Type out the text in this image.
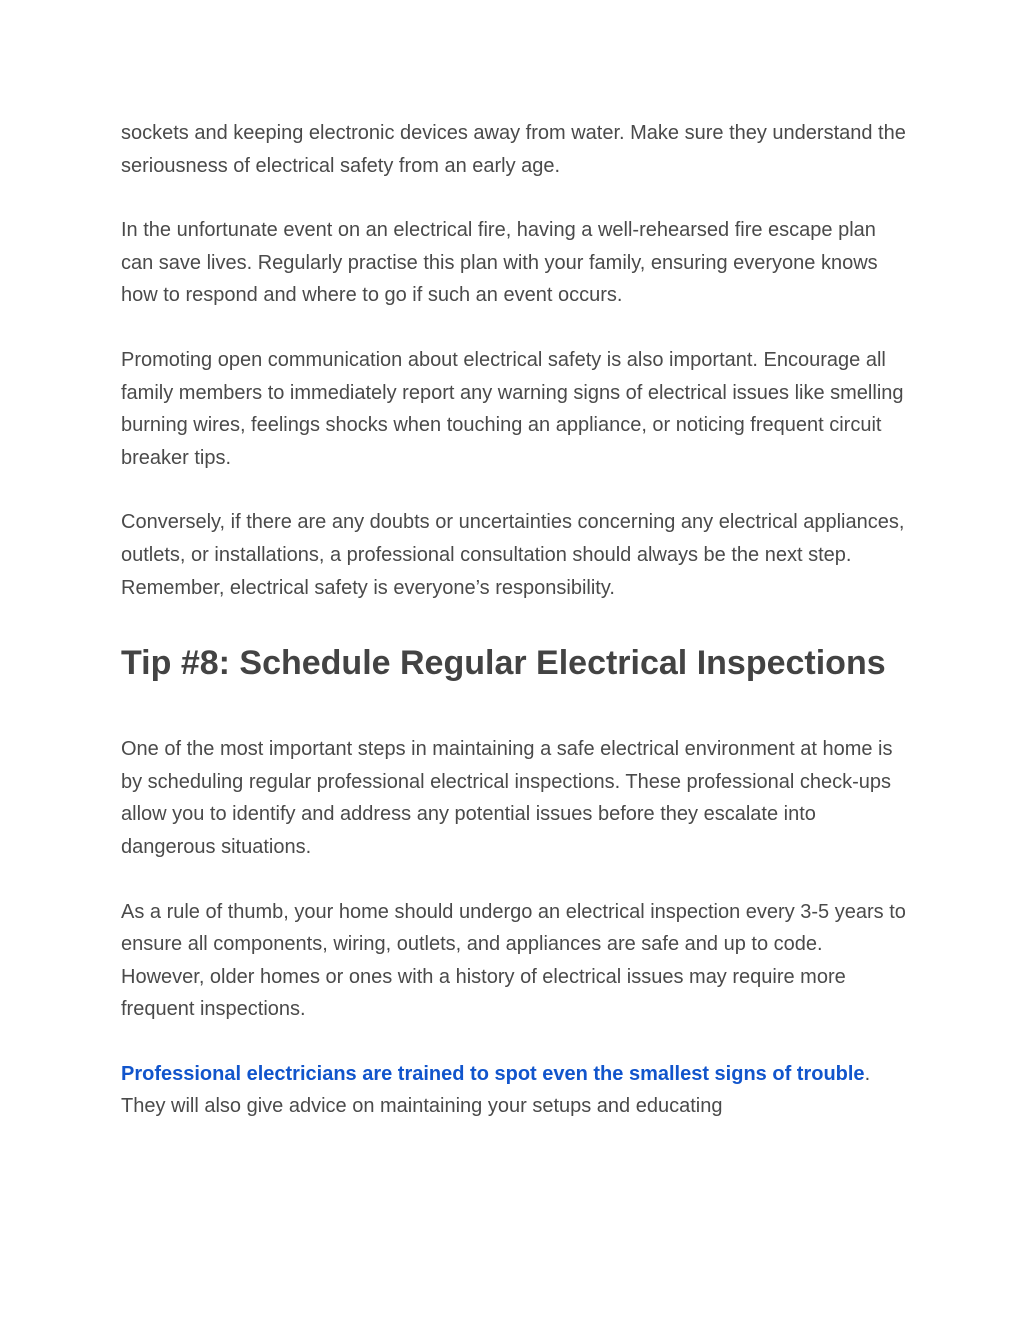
sockets and keeping electronic devices away from water. Make sure they understand the seriousness of electrical safety from an early age.

In the unfortunate event on an electrical fire, having a well-rehearsed fire escape plan can save lives. Regularly practise this plan with your family, ensuring everyone knows how to respond and where to go if such an event occurs.

Promoting open communication about electrical safety is also important. Encourage all family members to immediately report any warning signs of electrical issues like smelling burning wires, feelings shocks when touching an appliance, or noticing frequent circuit breaker tips.

Conversely, if there are any doubts or uncertainties concerning any electrical appliances, outlets, or installations, a professional consultation should always be the next step. Remember, electrical safety is everyone’s responsibility.

Tip #8: Schedule Regular Electrical Inspections

One of the most important steps in maintaining a safe electrical environment at home is by scheduling regular professional electrical inspections. These professional check-ups allow you to identify and address any potential issues before they escalate into dangerous situations.

As a rule of thumb, your home should undergo an electrical inspection every 3-5 years to ensure all components, wiring, outlets, and appliances are safe and up to code. However, older homes or ones with a history of electrical issues may require more frequent inspections.

Professional electricians are trained to spot even the smallest signs of trouble. They will also give advice on maintaining your setups and educating
